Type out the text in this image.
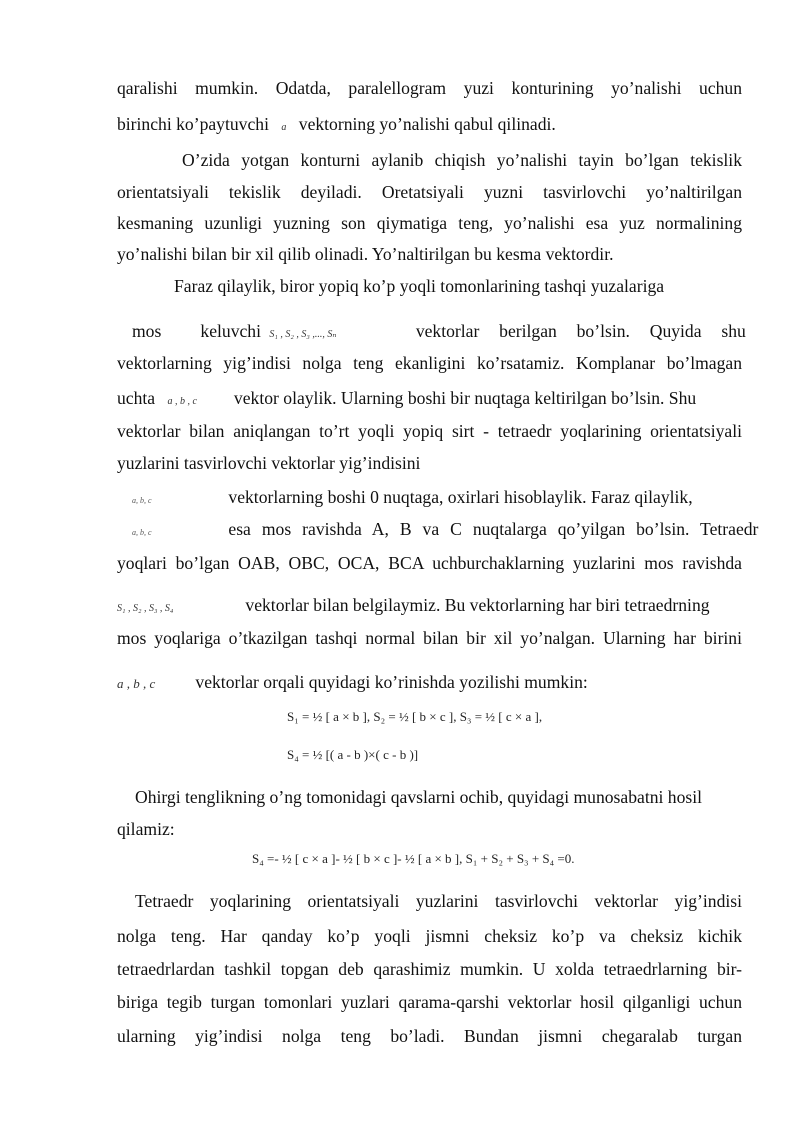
qaralishi mumkin. Odatda, paralellogram yuzi konturining yo’nalishi uchun
birinchi ko’paytuvchi a vektorning yo’nalishi qabul qilinadi.
O’zida yotgan konturni aylanib chiqish yo’nalishi tayin bo’lgan tekislik
orientatsiyali tekislik deyiladi. Oretatsiyali yuzni tasvirlovchi yo’naltirilgan
kesmaning uzunligi yuzning son qiymatiga teng, yo’nalishi esa yuz normalining
yo’nalishi bilan bir xil qilib olinadi. Yo’naltirilgan bu kesma vektordir.
Faraz qilaylik, biror yopiq ko’p yoqli tomonlarining tashqi yuzalariga
mos keluvchi S₁ , S₂ , S₃ ,..., Sₙ	vektorlar berilgan bo’lsin. Quyida shu
vektorlarning yig’indisi nolga teng ekanligini ko’rsatamiz. Komplanar bo’lmagan
uchta a , b , c vektor olaylik. Ularning boshi bir nuqtaga keltirilgan bo’lsin. Shu
vektorlar bilan aniqlangan to’rt yoqli yopiq sirt - tetraedr yoqlarining orientatsiyali
yuzlarini tasvirlovchi vektorlar yig’indisini
a, b, c	vektorlarning boshi 0 nuqtaga, oxirlari hisoblaylik. Faraz qilaylik,
a, b, c	esa mos ravishda A, B va C nuqtalarga qo’yilgan bo’lsin. Tetraedr
yoqlari bo’lgan OAB, OBC, OCA, BCA uchburchaklarning yuzlarini mos ravishda
S₁ , S₂ , S₃ , S₄	vektorlar bilan belgilaymiz. Bu vektorlarning har biri tetraedrning
mos yoqlariga o’tkazilgan tashqi normal bilan bir xil yo’nalgan. Ularning har birini
a , b , c vektorlar orqali quyidagi ko’rinishda yozilishi mumkin:
S₁ = ½ [ a × b ], S₂ = ½ [ b × c ], S₃ = ½ [ c × a ],
S₄ = ½ [( a - b )×( c - b )]
Ohirgi tenglikning o’ng tomonidagi qavslarni ochib, quyidagi munosabatni hosil
qilamiz:
S₄ =- ½ [ c × a ]- ½ [ b × c ]- ½ [ a × b ], S₁ + S₂ + S₃ + S₄ =0.
Tetraedr yoqlarining orientatsiyali yuzlarini tasvirlovchi vektorlar yig’indisi
nolga teng. Har qanday ko’p yoqli jismni cheksiz ko’p va cheksiz kichik
tetraedrlardan tashkil topgan deb qarashimiz mumkin. U xolda tetraedrlarning bir-
biriga tegib turgan tomonlari yuzlari qarama-qarshi vektorlar hosil qilganligi uchun
ularning yig’indisi nolga teng bo’ladi. Bundan jismni chegaralab turgan
